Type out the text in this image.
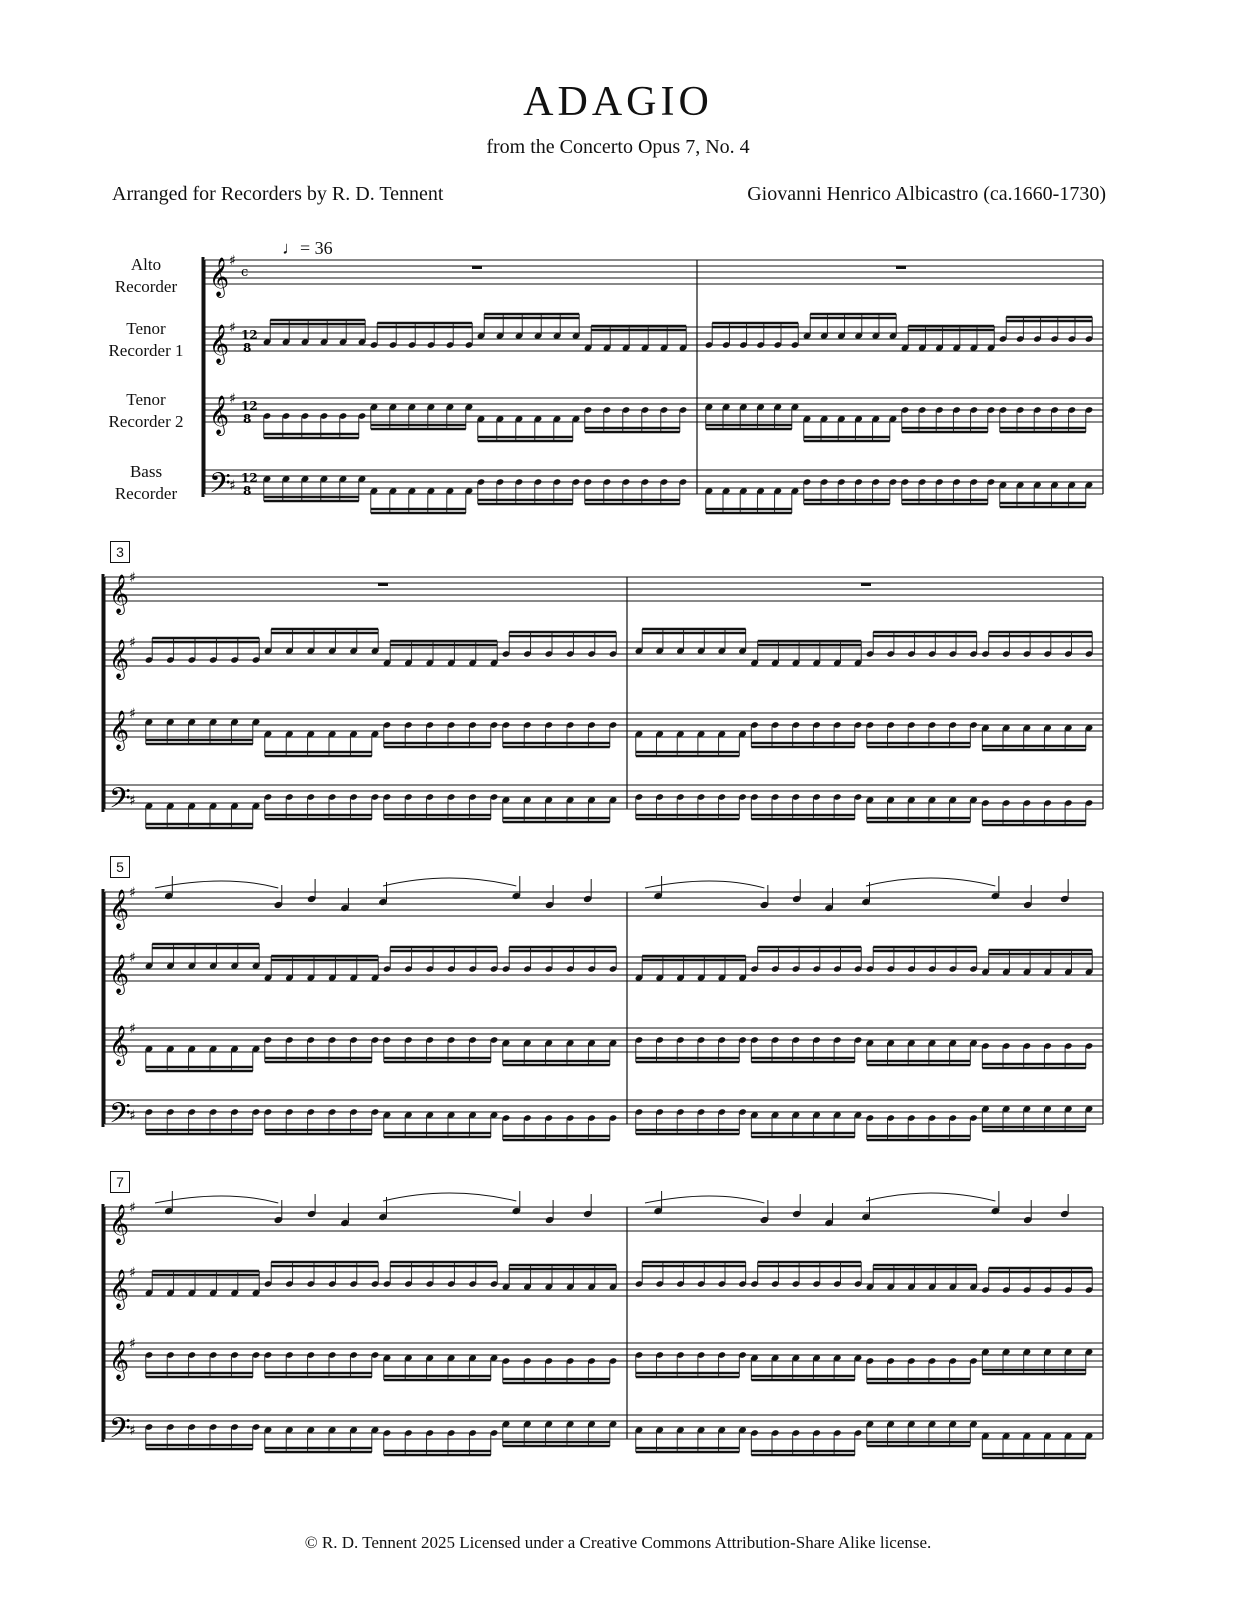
ADAGIO
from the Concerto Opus 7, No. 4
Arranged for Recorders by R. D. Tennent	Giovanni Henrico Albicastro (ca.1660-1730)
♩= 36
Alto
Recorder
Tenor
Recorder 1
Tenor
Recorder 2
Bass
Recorder
3
5
7
𝄞 ♯
c
𝄞 ♯ 12
8
𝄞 ♯ 12
8
𝄢
♯ 12
8
𝄞 ♯
𝄞 ♯
𝄞 ♯
𝄢
♯
𝄞 ♯
𝄞 ♯
𝄞 ♯
𝄢
♯
𝄞 ♯
𝄞 ♯
𝄞 ♯
𝄢
♯
© R. D. Tennent 2025 Licensed under a Creative Commons Attribution-Share Alike license.
